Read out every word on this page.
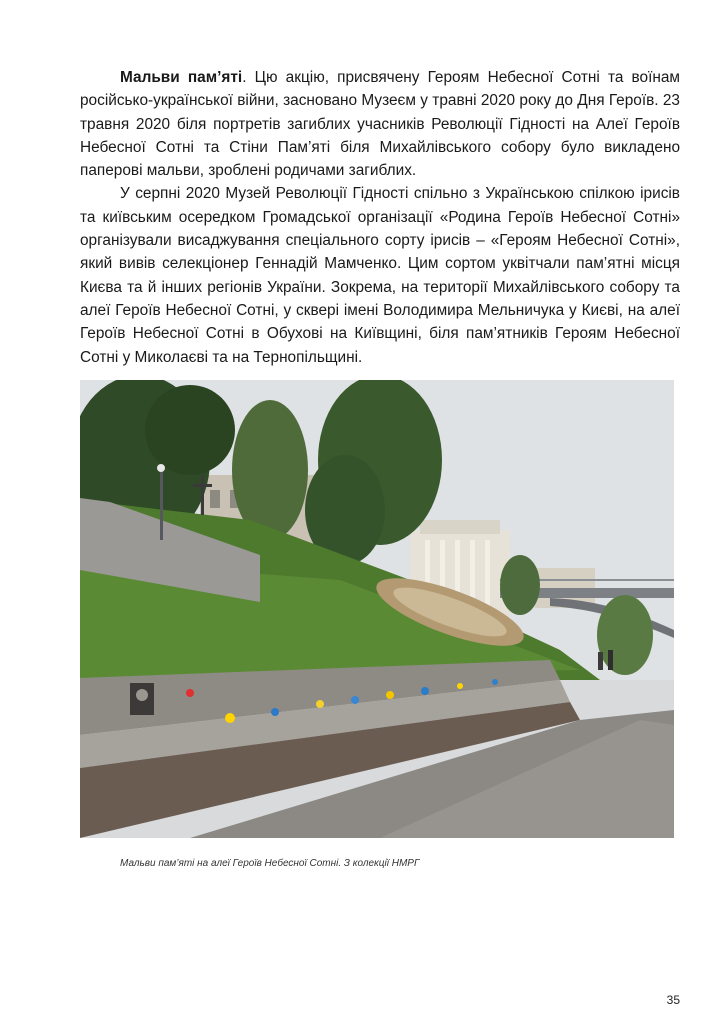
Мальви пам’яті. Цю акцію, присвячену Героям Небесної Сотні та воїнам російсько-української війни, засновано Музеєм у травні 2020 року до Дня Героїв. 23 травня 2020 біля портретів загиблих учасників Революції Гідності на Алеї Героїв Небесної Сотні та Стіни Пам’яті біля Михайлівського собору було викладено паперові мальви, зроблені родичами загиблих.

У серпні 2020 Музей Революції Гідності спільно з Українською спілкою ірисів та київським осередком Громадської організації «Родина Героїв Небесної Сотні» організували висаджування спеціального сорту ірисів – «Героям Небесної Сотні», який вивів селекціонер Геннадій Мамченко. Цим сортом уквітчали пам’ятні місця Києва та й інших регіонів України. Зокрема, на території Михайлівського собору та алеї Героїв Небесної Сотні, у сквері імені Володимира Мельничука у Києві, на алеї Героїв Небесної Сотні в Обухові на Київщині, біля пам’ятників Героям Небесної Сотні у Миколаєві та на Тернопільщині.

Мальви пам’яті на алеї Героїв Небесної Сотні. З колекції НМРГ
35
